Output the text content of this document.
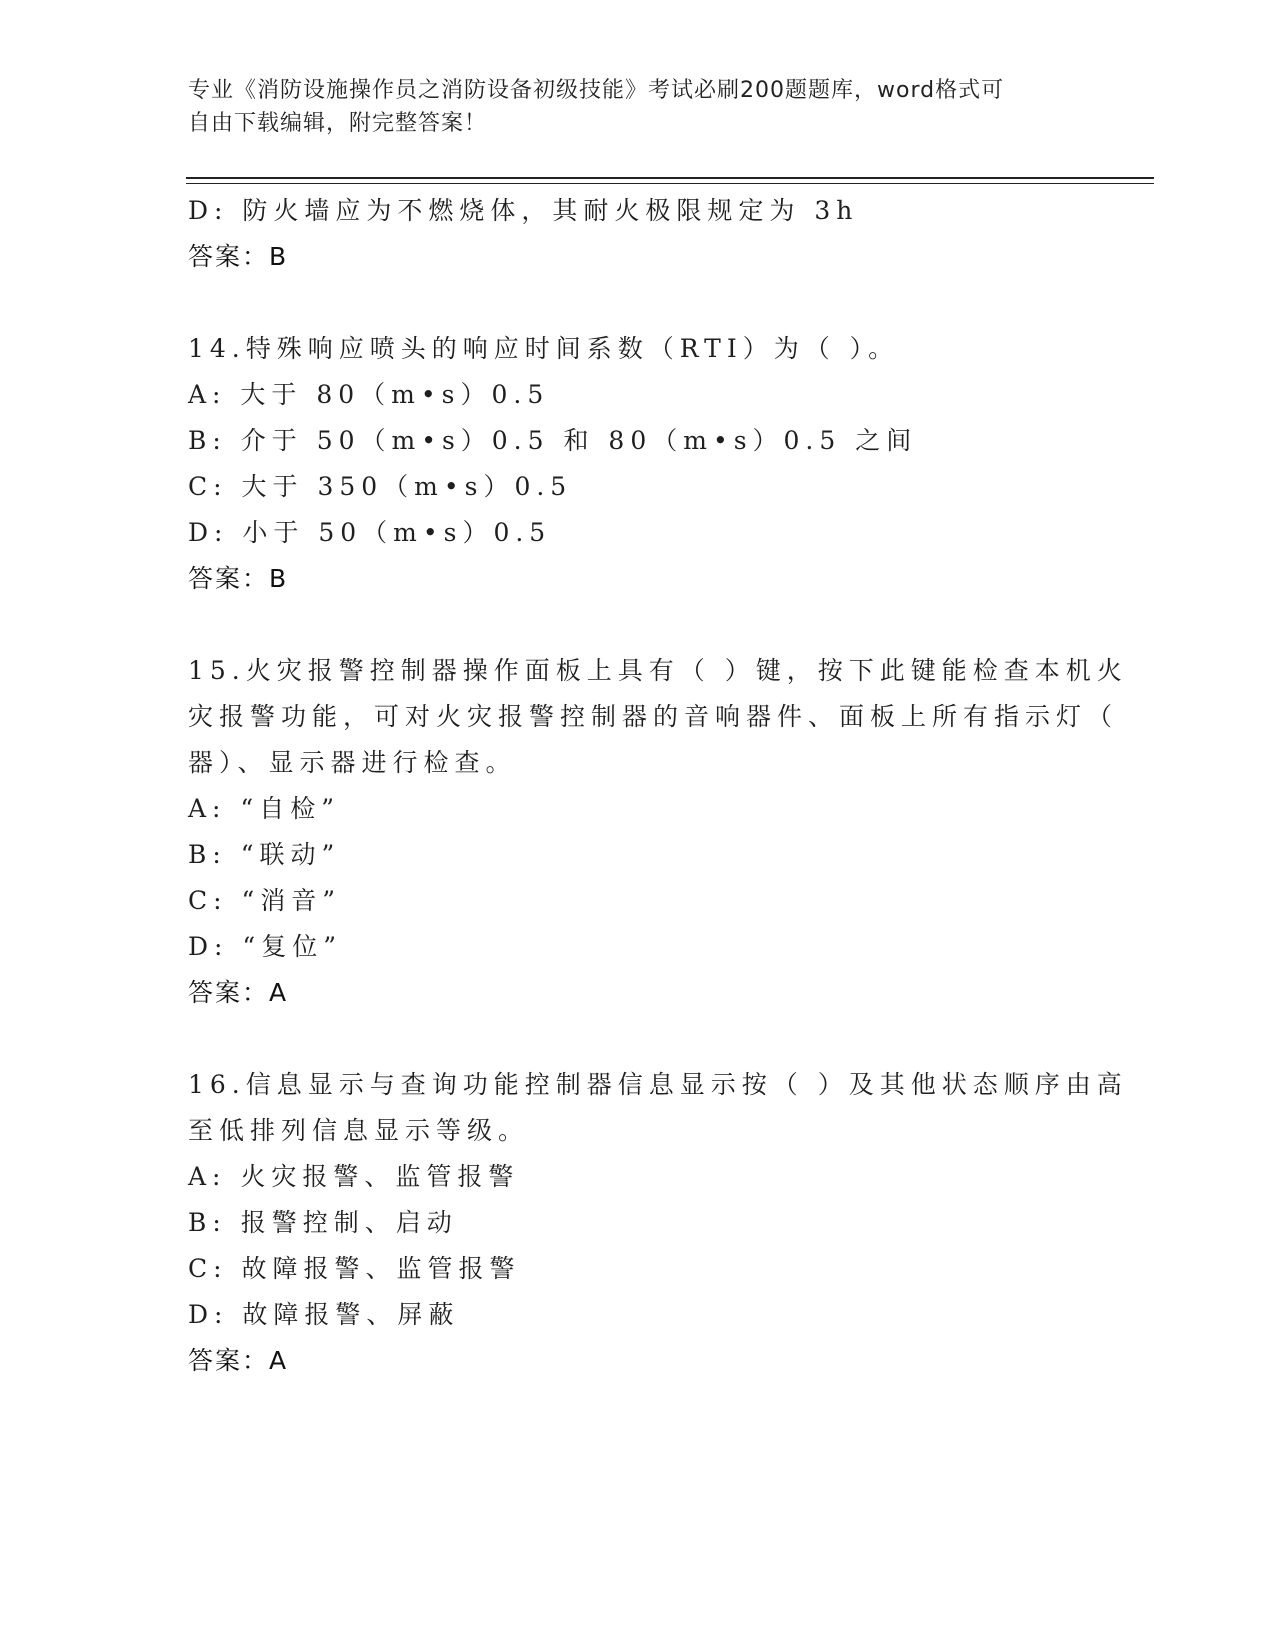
专业《消防设施操作员之消防设备初级技能》考试必刷200题题库，word格式可
自由下载编辑，附完整答案！
D: 防火墙应为不燃烧体，其耐火极限规定为 3h
答案：B
14.特殊响应喷头的响应时间系数（RTI）为（ ）。
A: 大于 80（m•s）0.5
B: 介于 50（m•s）0.5 和 80（m•s）0.5 之间
C: 大于 350（m•s）0.5
D: 小于 50（m•s）0.5
答案：B
15.火灾报警控制器操作面板上具有（ ）键，按下此键能检查本机火
灾报警功能，可对火灾报警控制器的音响器件、面板上所有指示灯（
器）、显示器进行检查。
A: “自检”
B: “联动”
C: “消音”
D: “复位”
答案：A
16.信息显示与查询功能控制器信息显示按（ ）及其他状态顺序由高
至低排列信息显示等级。
A: 火灾报警、监管报警
B: 报警控制、启动
C: 故障报警、监管报警
D: 故障报警、屏蔽
答案：A
